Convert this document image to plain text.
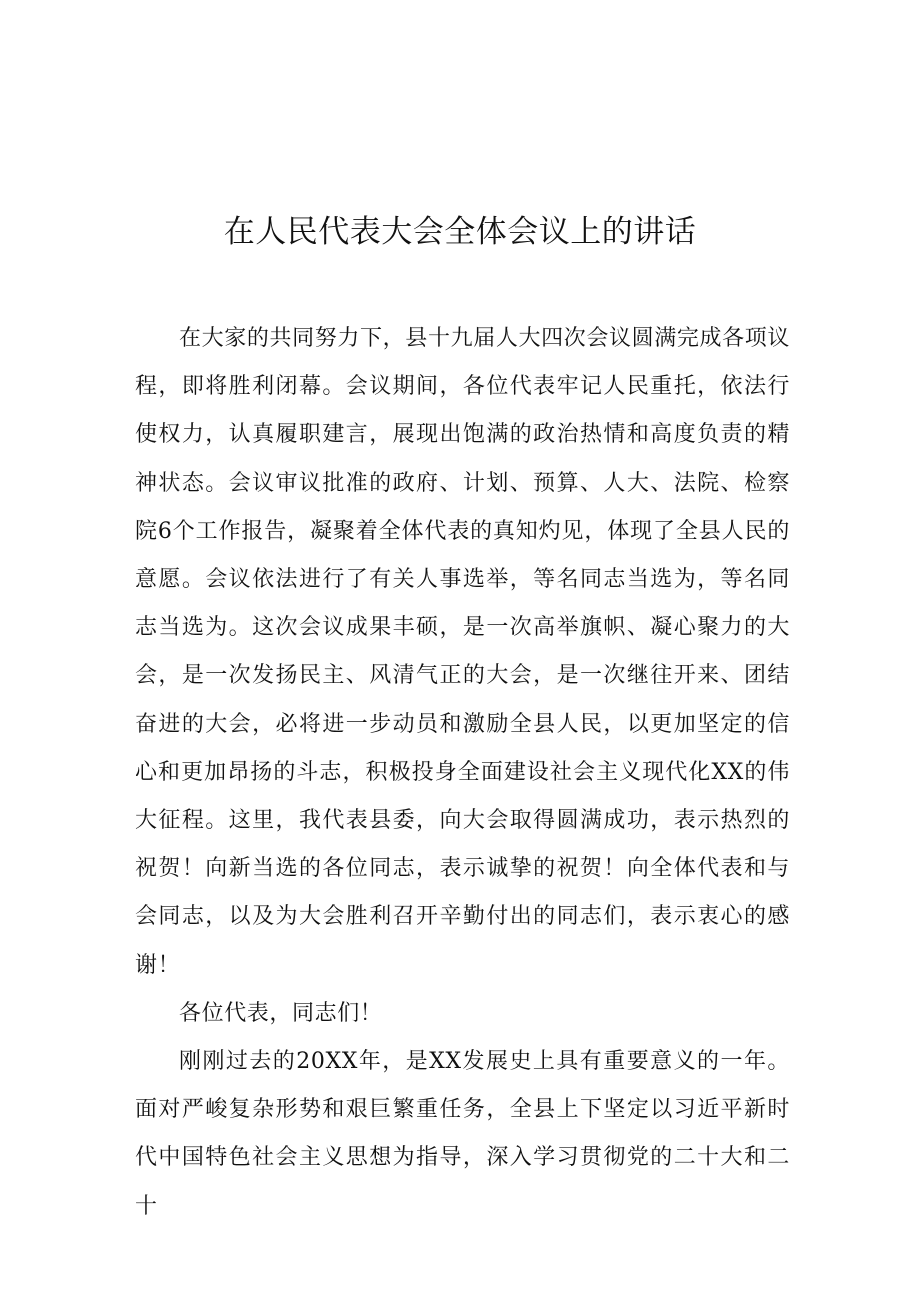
在人民代表大会全体会议上的讲话

在大家的共同努力下，县十九届人大四次会议圆满完成各项议程，即将胜利闭幕。会议期间，各位代表牢记人民重托，依法行使权力，认真履职建言，展现出饱满的政治热情和高度负责的精神状态。会议审议批准的政府、计划、预算、人大、法院、检察院6个工作报告，凝聚着全体代表的真知灼见，体现了全县人民的意愿。会议依法进行了有关人事选举，等名同志当选为，等名同志当选为。这次会议成果丰硕，是一次高举旗帜、凝心聚力的大会，是一次发扬民主、风清气正的大会，是一次继往开来、团结奋进的大会，必将进一步动员和激励全县人民，以更加坚定的信心和更加昂扬的斗志，积极投身全面建设社会主义现代化XX的伟大征程。这里，我代表县委，向大会取得圆满成功，表示热烈的祝贺！向新当选的各位同志，表示诚挚的祝贺！向全体代表和与会同志，以及为大会胜利召开辛勤付出的同志们，表示衷心的感谢！

各位代表，同志们！

刚刚过去的20XX年，是XX发展史上具有重要意义的一年。面对严峻复杂形势和艰巨繁重任务，全县上下坚定以习近平新时代中国特色社会主义思想为指导，深入学习贯彻党的二十大和二十
